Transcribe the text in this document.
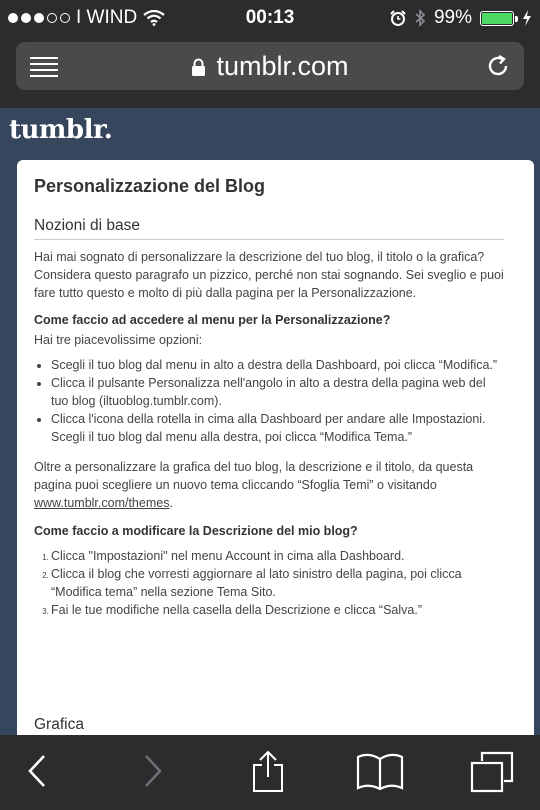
I WIND	00:13	99%
tumblr.com
tumblr.
Personalizzazione del Blog
Nozioni di base

Hai mai sognato di personalizzare la descrizione del tuo blog, il titolo o la grafica? Considera questo paragrafo un pizzico, perché non stai sognando. Sei sveglio e puoi fare tutto questo e molto di più dalla pagina per la Personalizzazione.

Come faccio ad accedere al menu per la Personalizzazione?

Hai tre piacevolissime opzioni:

• Scegli il tuo blog dal menu in alto a destra della Dashboard, poi clicca “Modifica.”
• Clicca il pulsante Personalizza nell'angolo in alto a destra della pagina web del tuo blog (iltuoblog.tumblr.com).
• Clicca l'icona della rotella in cima alla Dashboard per andare alle Impostazioni. Scegli il tuo blog dal menu alla destra, poi clicca “Modifica Tema.”

Oltre a personalizzare la grafica del tuo blog, la descrizione e il titolo, da questa pagina puoi scegliere un nuovo tema cliccando “Sfoglia Temi” o visitando www.tumblr.com/themes.

Come faccio a modificare la Descrizione del mio blog?
1. Clicca "Impostazioni" nel menu Account in cima alla Dashboard.
2. Clicca il blog che vorresti aggiornare al lato sinistro della pagina, poi clicca “Modifica tema” nella sezione Tema Sito.
3. Fai le tue modifiche nella casella della Descrizione e clicca “Salva.”
Grafica
